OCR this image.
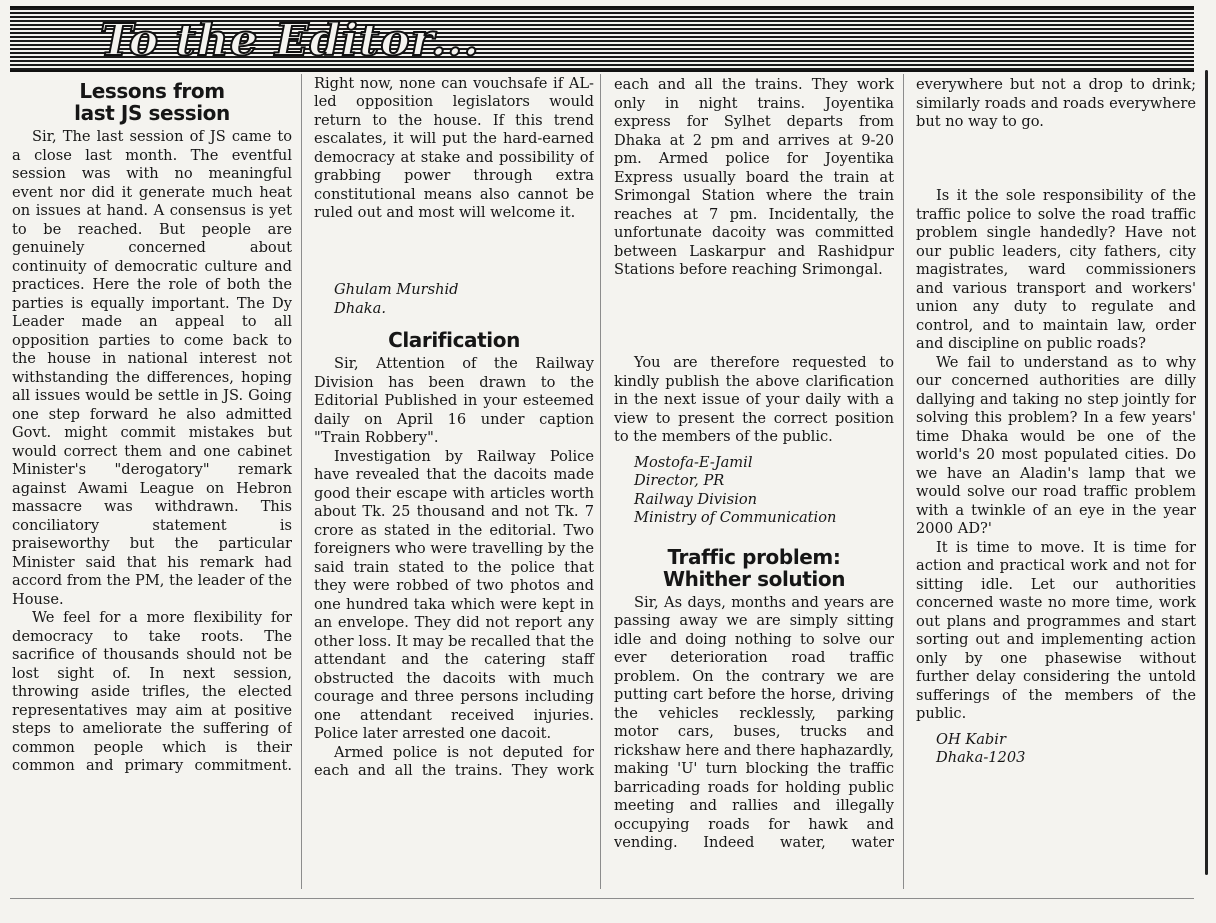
To the Editor...
Lessons from
last JS session

Sir, The last session of JS came to a close last month. The eventful session was with no meaningful event nor did it generate much heat on issues at hand. A consensus is yet to be reached. But people are genuinely concerned about continuity of democratic culture and practices. Here the role of both the parties is equally important. The Dy Leader made an appeal to all opposition parties to come back to the house in national interest not withstanding the differences, hoping all issues would be settle in JS. Going one step forward he also admitted Govt. might commit mistakes but would correct them and one cabinet Minister's "derogatory" remark against Awami League on Hebron massacre was withdrawn. This conciliatory statement is praiseworthy but the particular Minister said that his remark had accord from the PM, the leader of the House.

We feel for a more flexibility for democracy to take roots. The sacrifice of thousands should not be lost sight of. In next session, throwing aside trifles, the elected representatives may aim at positive steps to ameliorate the suffering of common people which is their common and primary commitment.

Right now, none can vouchsafe if AL-led opposition legislators would return to the house. If this trend escalates, it will put the hard-earned democracy at stake and possibility of grabbing power through extra constitutional means also cannot be ruled out and most will welcome it.

Ghulam Murshid

Dhaka.

Clarification

Sir, Attention of the Railway Division has been drawn to the Editorial Published in your esteemed daily on April 16 under caption "Train Robbery".

Investigation by Railway Police have revealed that the dacoits made good their escape with articles worth about Tk. 25 thousand and not Tk. 7 crore as stated in the editorial. Two foreigners who were travelling by the said train stated to the police that they were robbed of two photos and one hundred taka which were kept in an envelope. They did not report any other loss. It may be recalled that the attendant and the catering staff obstructed the dacoits with much courage and three persons including one attendant received injuries. Police later arrested one dacoit.

Armed police is not deputed for each and all the trains. They work

each and all the trains. They work only in night trains. Joyentika express for Sylhet departs from Dhaka at 2 pm and arrives at 9-20 pm. Armed police for Joyentika Express usually board the train at Srimongal Station where the train reaches at 7 pm. Incidentally, the unfortunate dacoity was committed between Laskarpur and Rashidpur Stations before reaching Srimongal.

You are therefore requested to kindly publish the above clarification in the next issue of your daily with a view to present the correct position to the members of the public.

Mostofa-E-Jamil

Director, PR

Railway Division

Ministry of Communication

Traffic problem:
Whither solution

Sir, As days, months and years are passing away we are simply sitting idle and doing nothing to solve our ever deterioration road traffic problem. On the contrary we are putting cart before the horse, driving the vehicles recklessly, parking motor cars, buses, trucks and rickshaw here and there haphazardly, making 'U' turn blocking the traffic barricading roads for holding public meeting and rallies and illegally occupying roads for hawk and vending. Indeed water, water

everywhere but not a drop to drink; similarly roads and roads everywhere but no way to go.

Is it the sole responsibility of the traffic police to solve the road traffic problem single handedly? Have not our public leaders, city fathers, city magistrates, ward commissioners and various transport and workers' union any duty to regulate and control, and to maintain law, order and discipline on public roads?

We fail to understand as to why our concerned authorities are dilly dallying and taking no step jointly for solving this problem? In a few years' time Dhaka would be one of the world's 20 most populated cities. Do we have an Aladin's lamp that we would solve our road traffic problem with a twinkle of an eye in the year 2000 AD?'

It is time to move. It is time for action and practical work and not for sitting idle. Let our authorities concerned waste no more time, work out plans and programmes and start sorting out and implementing action only by one phasewise without further delay considering the untold sufferings of the members of the public.

OH Kabir

Dhaka-1203
